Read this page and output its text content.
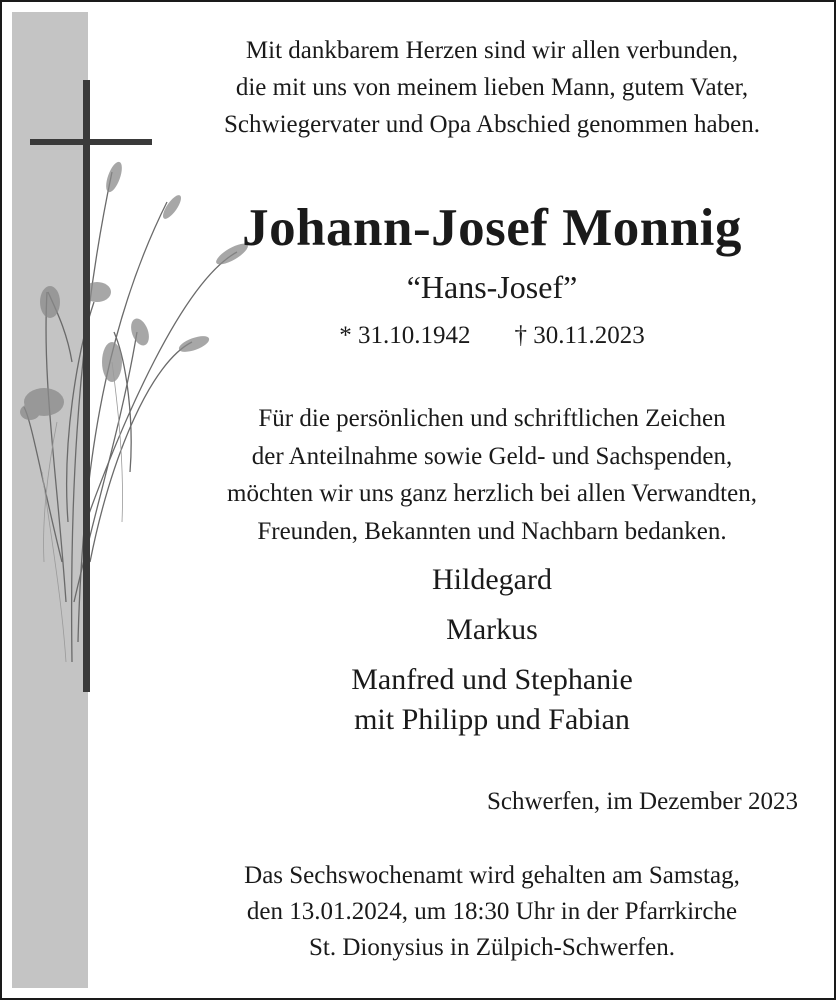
Mit dankbarem Herzen sind wir allen verbunden,
die mit uns von meinem lieben Mann, gutem Vater,
Schwiegervater und Opa Abschied genommen haben.
Johann-Josef Monnig
“Hans-Josef”
* 31.10.1942 † 30.11.2023
Für die persönlichen und schriftlichen Zeichen
der Anteilnahme sowie Geld- und Sachspenden,
möchten wir uns ganz herzlich bei allen Verwandten,
Freunden, Bekannten und Nachbarn bedanken.
Hildegard
Markus
Manfred und Stephanie
mit Philipp und Fabian
Schwerfen, im Dezember 2023
Das Sechswochenamt wird gehalten am Samstag,
den 13.01.2024, um 18:30 Uhr in der Pfarrkirche
St. Dionysius in Zülpich-Schwerfen.
